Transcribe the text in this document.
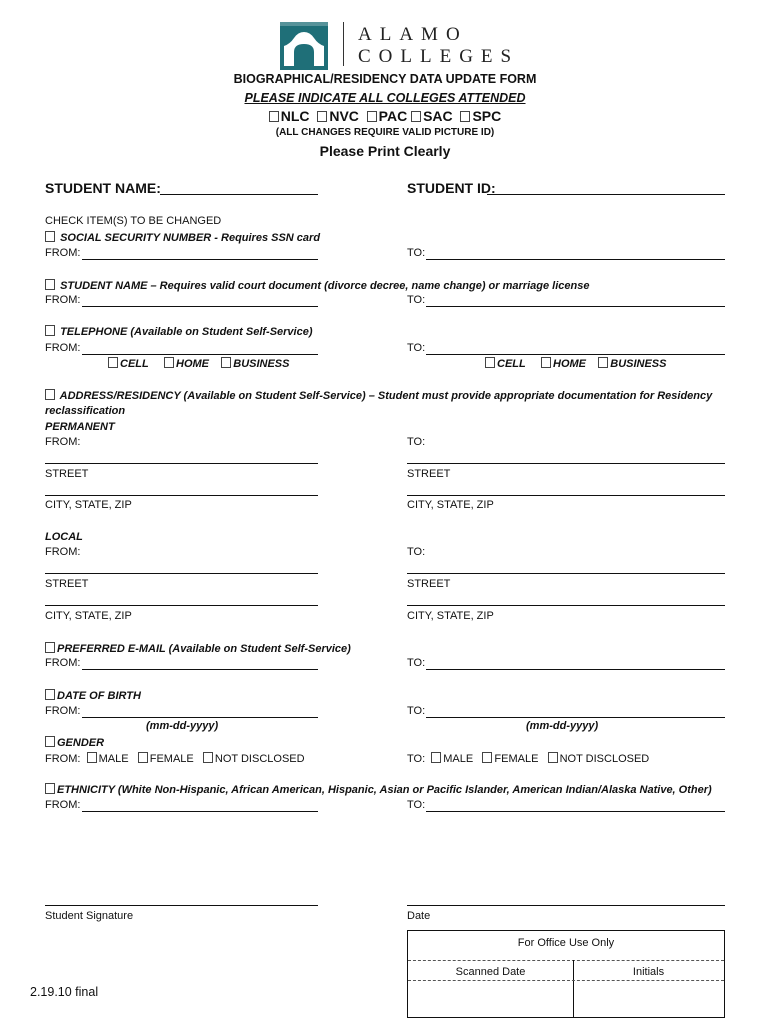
ALAMO
COLLEGES
BIOGRAPHICAL/RESIDENCY DATA UPDATE FORM
PLEASE INDICATE ALL COLLEGES ATTENDED
NLC NVC PAC SAC SPC
(ALL CHANGES REQUIRE VALID PICTURE ID)
Please Print Clearly
STUDENT NAME:	STUDENT ID:
CHECK ITEM(S) TO BE CHANGED
SOCIAL SECURITY NUMBER - Requires SSN card
FROM:	TO:
STUDENT NAME – Requires valid court document (divorce decree, name change) or marriage license
FROM:	TO:
TELEPHONE (Available on Student Self-Service)
FROM:	TO:
CELL HOME BUSINESS	CELL HOME BUSINESS
ADDRESS/RESIDENCY (Available on Student Self-Service) – Student must provide appropriate documentation for Residency
reclassification
PERMANENT
FROM:	TO:
STREET	STREET
CITY, STATE, ZIP	CITY, STATE, ZIP
LOCAL
FROM:	TO:
STREET	STREET
CITY, STATE, ZIP	CITY, STATE, ZIP
PREFERRED E-MAIL (Available on Student Self-Service)
FROM:	TO:
DATE OF BIRTH
FROM:	TO:
(mm-dd-yyyy)	(mm-dd-yyyy)
GENDER
FROM: MALE FEMALE NOT DISCLOSED	TO: MALE FEMALE NOT DISCLOSED
ETHNICITY (White Non-Hispanic, African American, Hispanic, Asian or Pacific Islander, American Indian/Alaska Native, Other)
FROM:	TO:
Student Signature	Date
For Office Use Only
Scanned Date	Initials
2.19.10 final
